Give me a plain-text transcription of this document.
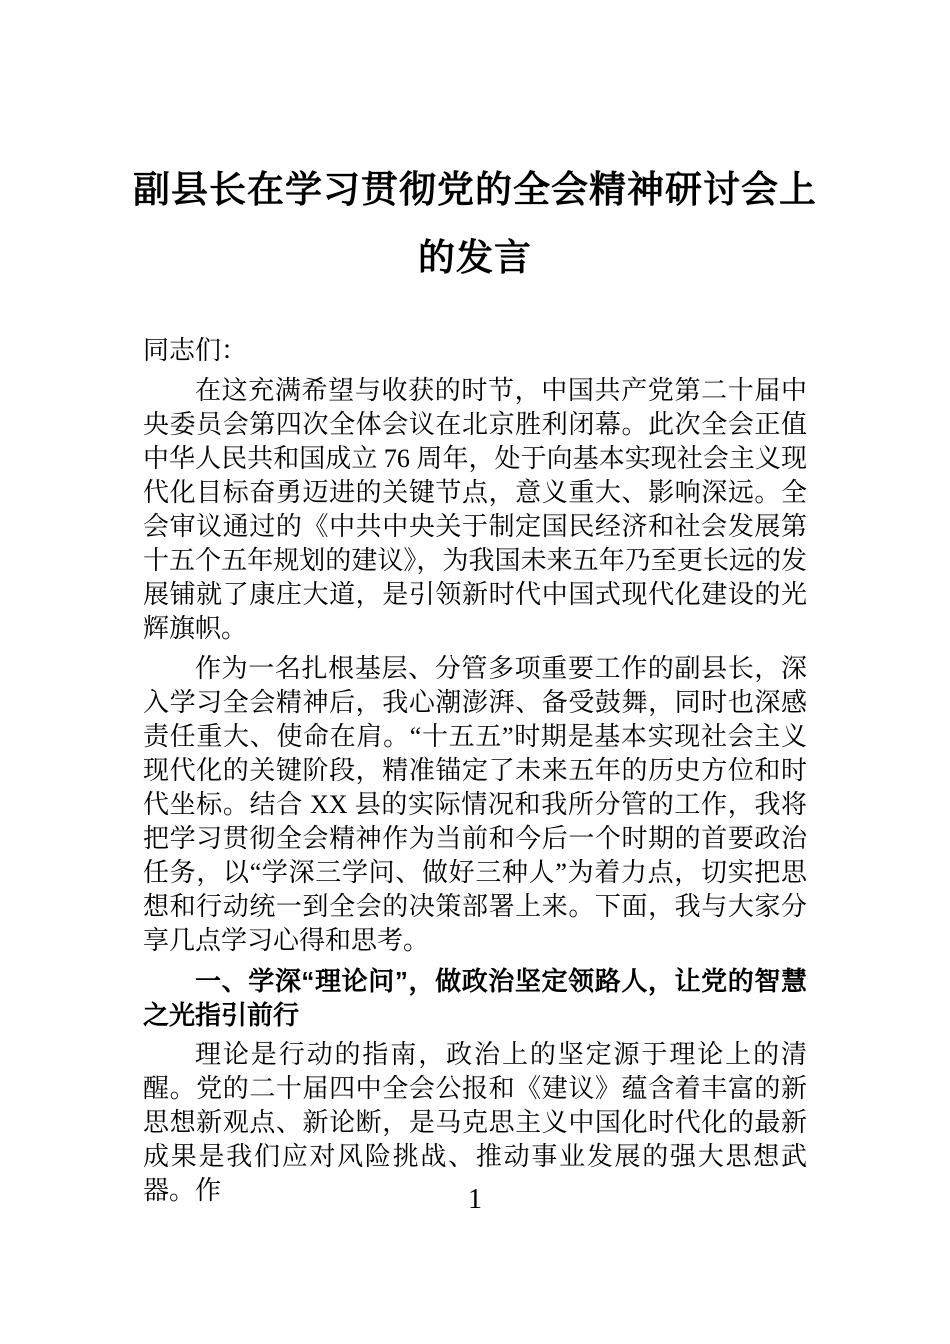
副县长在学习贯彻党的全会精神研讨会上
的发言
同志们：
在这充满希望与收获的时节，中国共产党第二十届中央委员会第四次全体会议在北京胜利闭幕。此次全会正值中华人民共和国成立 76 周年，处于向基本实现社会主义现代化目标奋勇迈进的关键节点，意义重大、影响深远。全会审议通过的《中共中央关于制定国民经济和社会发展第十五个五年规划的建议》，为我国未来五年乃至更长远的发展铺就了康庄大道，是引领新时代中国式现代化建设的光辉旗帜。
作为一名扎根基层、分管多项重要工作的副县长，深入学习全会精神后，我心潮澎湃、备受鼓舞，同时也深感责任重大、使命在肩。“十五五”时期是基本实现社会主义现代化的关键阶段，精准锚定了未来五年的历史方位和时代坐标。结合 XX 县的实际情况和我所分管的工作，我将把学习贯彻全会精神作为当前和今后一个时期的首要政治任务，以“学深三学问、做好三种人”为着力点，切实把思想和行动统一到全会的决策部署上来。下面，我与大家分享几点学习心得和思考。
一、学深“理论问”，做政治坚定领路人，让党的智慧之光指引前行
理论是行动的指南，政治上的坚定源于理论上的清醒。党的二十届四中全会公报和《建议》蕴含着丰富的新思想新观点、新论断，是马克思主义中国化时代化的最新成果是我们应对风险挑战、推动事业发展的强大思想武器。作	1
